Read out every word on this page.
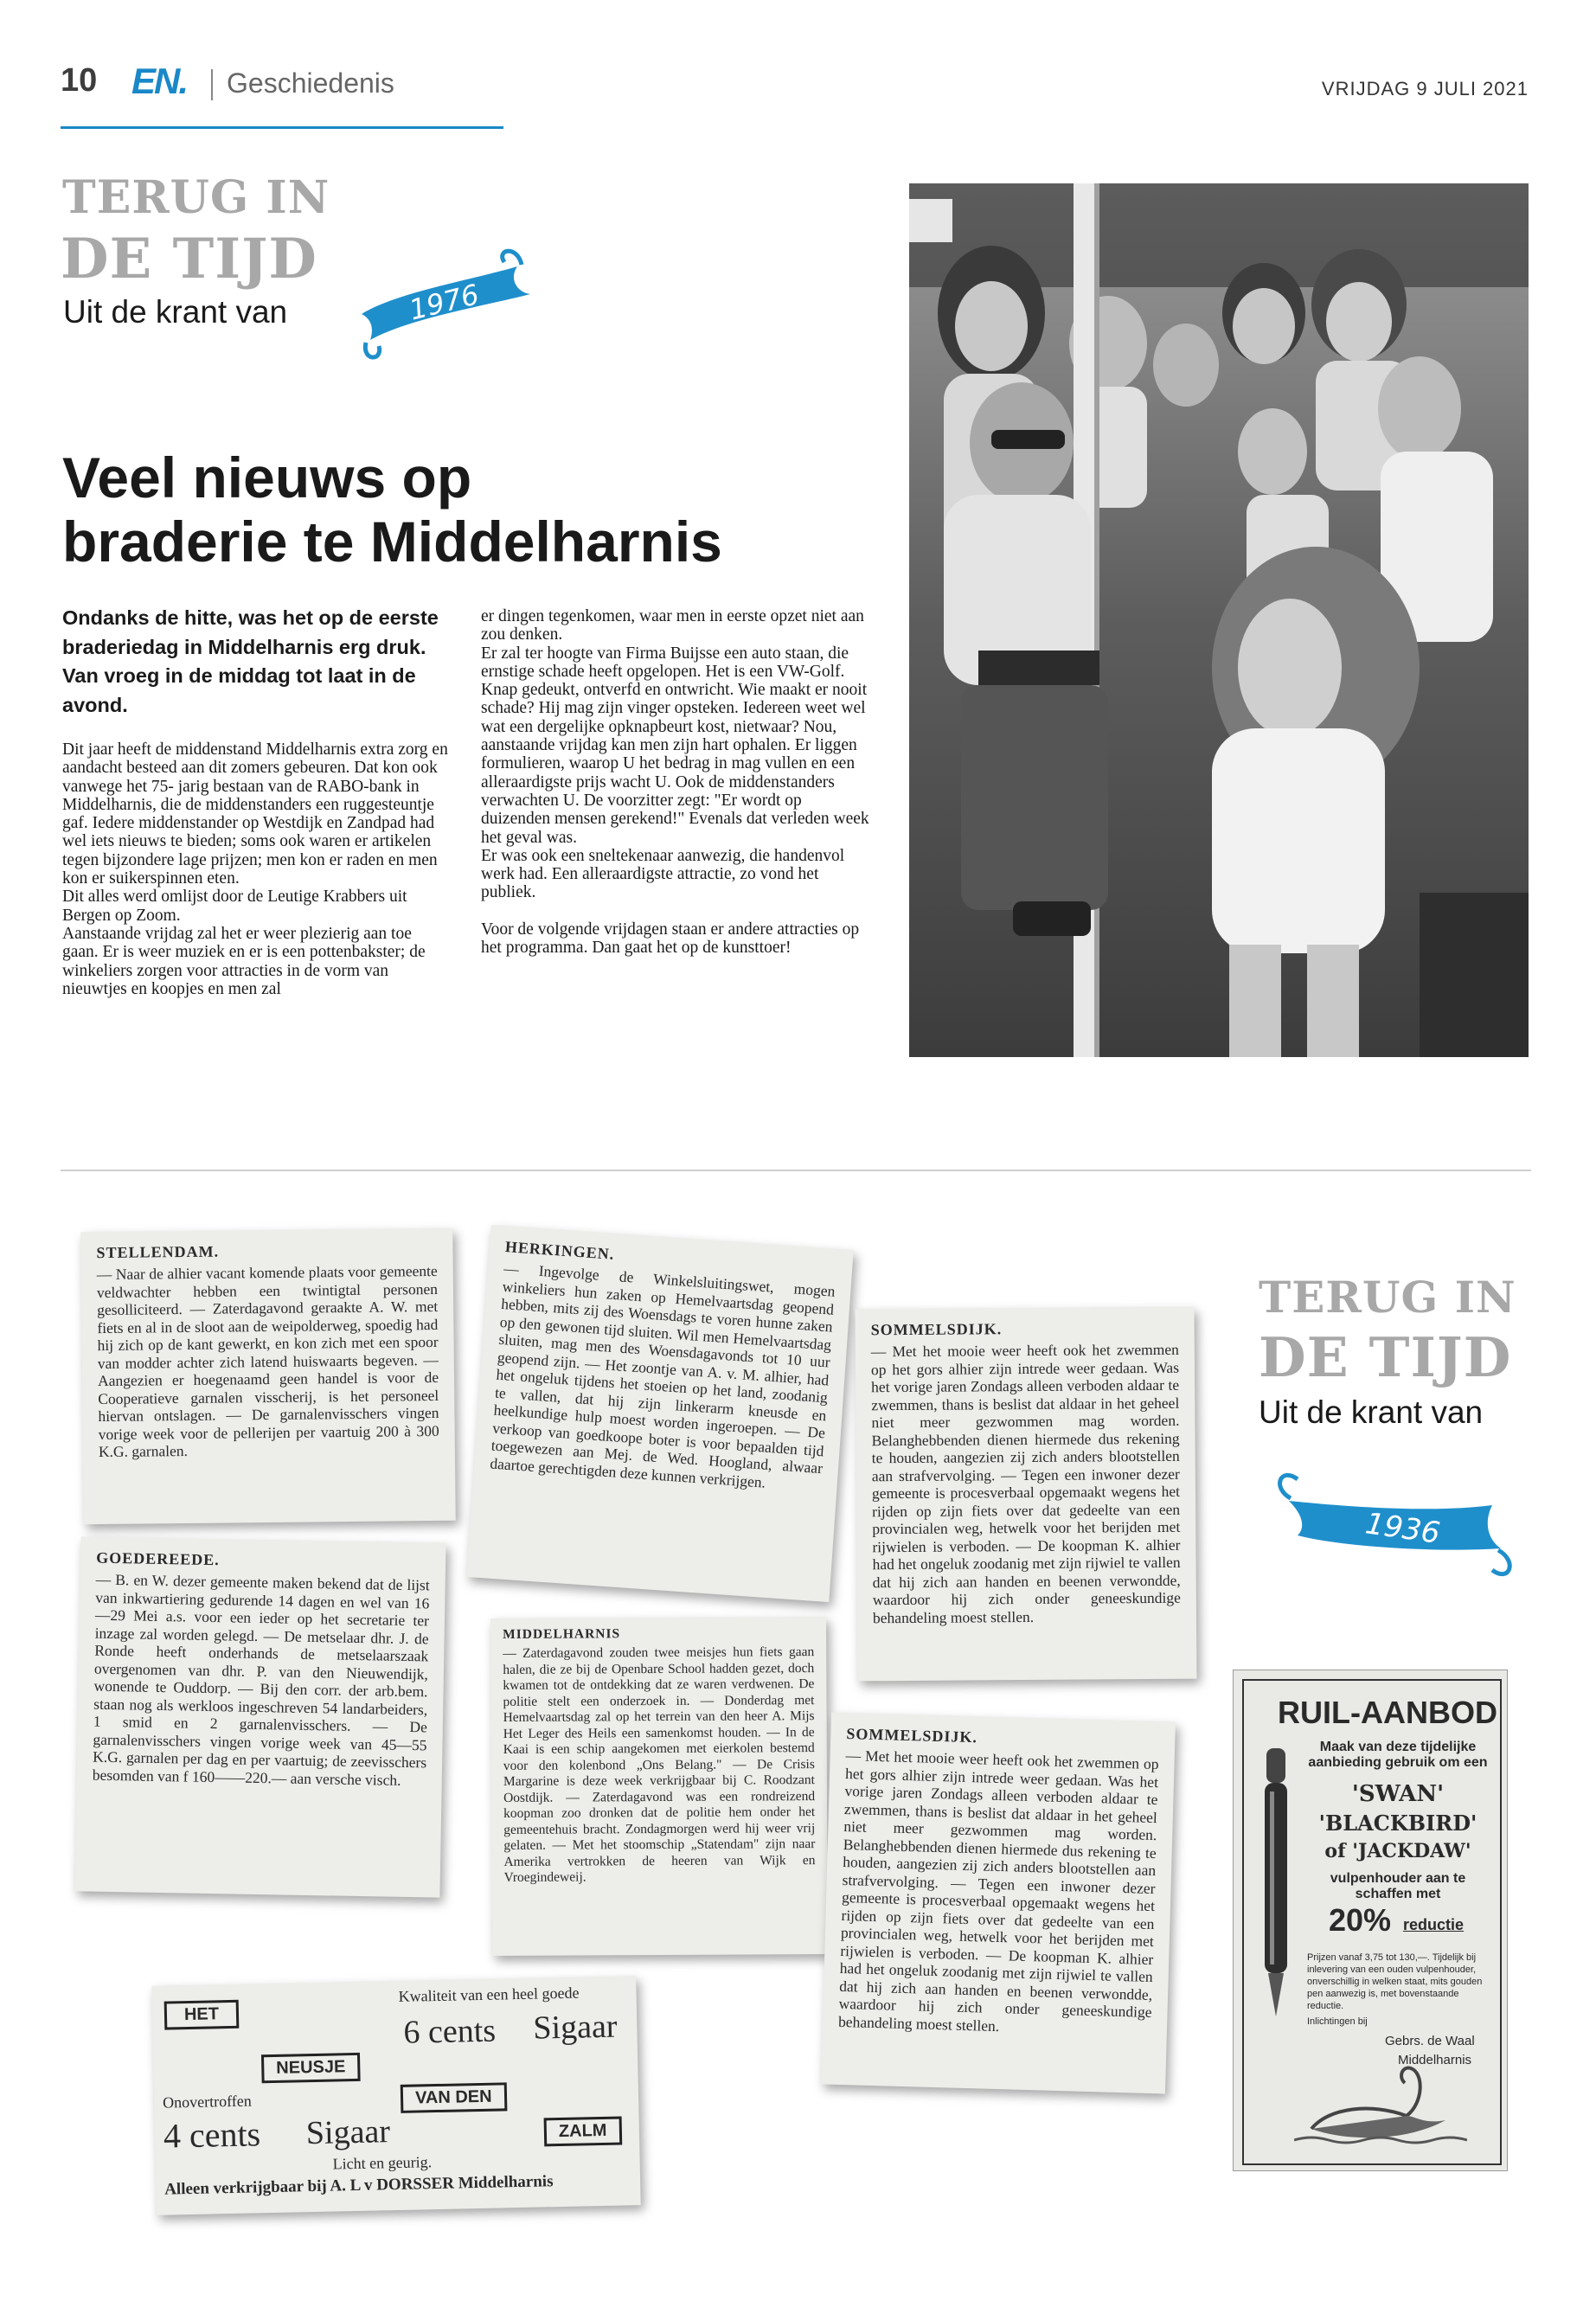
10 EN. Geschiedenis	VRIJDAG 9 JULI 2021
TERUG IN
DE TIJD
Uit de krant van	1976
Veel nieuws op
braderie te Middelharnis
Ondanks de hitte, was het op de eerste braderiedag in Middelharnis erg druk. Van vroeg in de middag tot laat in de avond.

Dit jaar heeft de middenstand Middelharnis extra zorg en aandacht besteed aan dit zomers gebeuren. Dat kon ook vanwege het 75- jarig bestaan van de RABO-bank in Middelharnis, die de middenstanders een ruggesteuntje gaf. Iedere middenstander op Westdijk en Zandpad had wel iets nieuws te bieden; soms ook waren er artikelen tegen bijzondere lage prijzen; men kon er raden en men kon er suikerspinnen eten.

Dit alles werd omlijst door de Leutige Krabbers uit Bergen op Zoom.

Aanstaande vrijdag zal het er weer plezierig aan toe gaan. Er is weer muziek en er is een pottenbakster; de winkeliers zorgen voor attracties in de vorm van nieuwtjes en koopjes en men zal

er dingen tegenkomen, waar men in eerste opzet niet aan zou denken.

Er zal ter hoogte van Firma Buijsse een auto staan, die ernstige schade heeft opgelopen. Het is een VW-Golf. Knap gedeukt, ontverfd en ontwricht. Wie maakt er nooit schade? Hij mag zijn vinger opsteken. Iedereen weet wel wat een dergelijke opknapbeurt kost, nietwaar? Nou, aanstaande vrijdag kan men zijn hart ophalen. Er liggen formulieren, waarop U het bedrag in mag vullen en een alleraardigste prijs wacht U. Ook de middenstanders verwachten U. De voorzitter zegt: "Er wordt op duizenden mensen gerekend!" Evenals dat verleden week het geval was.

Er was ook een sneltekenaar aanwezig, die handenvol werk had. Een alleraardigste attractie, zo vond het publiek.

Voor de volgende vrijdagen staan er andere attracties op het programma. Dan gaat het op de kunsttoer!

STELLENDAM.

— Naar de alhier vacant komende plaats voor gemeente veldwachter hebben een twintigtal personen gesolliciteerd. — Zaterdagavond geraakte A. W. met fiets en al in de sloot aan de weipolderweg, spoedig had hij zich op de kant gewerkt, en kon zich met een spoor van modder achter zich latend huiswaarts begeven. — Aangezien er hoegenaamd geen handel is voor de Cooperatieve garnalen visscherij, is het personeel hiervan ontslagen. — De garnalenvisschers vingen vorige week voor de pellerijen per vaartuig 200 à 300 K.G. garnalen.

GOEDEREEDE.

— B. en W. dezer gemeente maken bekend dat de lijst van inkwartiering gedurende 14 dagen en wel van 16—29 Mei a.s. voor een ieder op het secretarie ter inzage zal worden gelegd. — De metselaar dhr. J. de Ronde heeft onderhands de metselaarszaak overgenomen van dhr. P. van den Nieuwendijk, wonende te Ouddorp. — Bij den corr. der arb.bem. staan nog als werkloos ingeschreven 54 landarbeiders, 1 smid en 2 garnalenvisschers. — De garnalenvisschers vingen vorige week van 45—55 K.G. garnalen per dag en per vaartuig; de zeevisschers besomden van f 160——220.— aan versche visch.

HERKINGEN.

— Ingevolge de Winkelsluitingswet, mogen winkeliers hun zaken op Hemelvaartsdag geopend hebben, mits zij des Woensdags te voren hunne zaken op den gewonen tijd sluiten. Wil men Hemelvaartsdag sluiten, mag men des Woensdagavonds tot 10 uur geopend zijn. — Het zoontje van A. v. M. alhier, had het ongeluk tijdens het stoeien op het land, zoodanig te vallen, dat hij zijn linkerarm kneusde en heelkundige hulp moest worden ingeroepen. — De verkoop van goedkoope boter is voor bepaalden tijd toegewezen aan Mej. de Wed. Hoogland, alwaar daartoe gerechtigden deze kunnen verkrijgen.

MIDDELHARNIS

— Zaterdagavond zouden twee meisjes hun fiets gaan halen, die ze bij de Openbare School hadden gezet, doch kwamen tot de ontdekking dat ze waren verdwenen. De politie stelt een onderzoek in. — Donderdag met Hemelvaartsdag zal op het terrein van den heer A. Mijs Het Leger des Heils een samenkomst houden. — In de Kaai is een schip aangekomen met eierkolen bestemd voor den kolenbond „Ons Belang." — De Crisis Margarine is deze week verkrijgbaar bij C. Roodzant Oostdijk. — Zaterdagavond was een rondreizend koopman zoo dronken dat de politie hem onder het gemeentehuis bracht. Zondagmorgen werd hij weer vrij gelaten. — Met het stoomschip „Statendam" zijn naar Amerika vertrokken de heeren van Wijk en Vroegindeweij.

SOMMELSDIJK.

— Met het mooie weer heeft ook het zwemmen op het gors alhier zijn intrede weer gedaan. Was het vorige jaren Zondags alleen verboden aldaar te zwemmen, thans is beslist dat aldaar in het geheel niet meer gezwommen mag worden. Belanghebbenden dienen hiermede dus rekening te houden, aangezien zij zich anders blootstellen aan strafvervolging. — Tegen een inwoner dezer gemeente is procesverbaal opgemaakt wegens het rijden op zijn fiets over dat gedeelte van een provincialen weg, hetwelk voor het berijden met rijwielen is verboden. — De koopman K. alhier had het ongeluk zoodanig met zijn rijwiel te vallen dat hij zich aan handen en beenen verwondde, waardoor hij zich onder geneeskundige behandeling moest stellen.

SOMMELSDIJK.

— Met het mooie weer heeft ook het zwemmen op het gors alhier zijn intrede weer gedaan. Was het vorige jaren Zondags alleen verboden aldaar te zwemmen, thans is beslist dat aldaar in het geheel niet meer gezwommen mag worden. Belanghebbenden dienen hiermede dus rekening te houden, aangezien zij zich anders blootstellen aan strafvervolging. — Tegen een inwoner dezer gemeente is procesverbaal opgemaakt wegens het rijden op zijn fiets over dat gedeelte van een provincialen weg, hetwelk voor het berijden met rijwielen is verboden. — De koopman K. alhier had het ongeluk zoodanig met zijn rijwiel te vallen dat hij zich aan handen en beenen verwondde, waardoor hij zich onder geneeskundige behandeling moest stellen.

HET
Kwaliteit van een heel goede
6 cents Sigaar
NEUSJE
Onovertroffen	VAN DEN
4 cents Sigaar	ZALM
Licht en geurig.
Alleen verkrijgbaar bij A. L v DORSSER Middelharnis
TERUG IN
DE TIJD
Uit de krant van
1936
RUIL-AANBOD
Maak van deze tijdelijke aanbieding gebruik om een
'SWAN'
'BLACKBIRD'
of 'JACKDAW'
vulpenhouder aan te schaffen met
20% reductie
Prijzen vanaf 3,75 tot 130,—. Tijdelijk bij inlevering van een ouden vulpenhouder, onverschillig in welken staat, mits gouden pen aanwezig is, met bovenstaande reductie.
Inlichtingen bij
Gebrs. de Waal
Middelharnis
